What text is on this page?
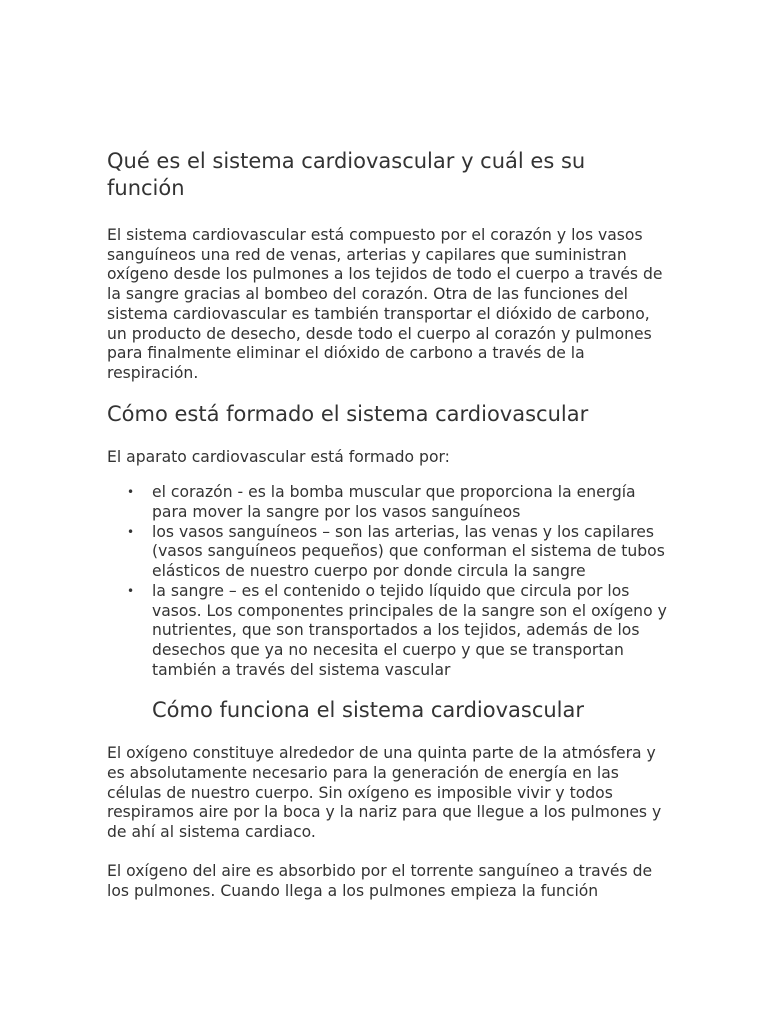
Qué es el sistema cardiovascular y cuál es su función

El sistema cardiovascular está compuesto por el corazón y los vasos sanguíneos una red de venas, arterias y capilares que suministran oxígeno desde los pulmones a los tejidos de todo el cuerpo a través de la sangre gracias al bombeo del corazón. Otra de las funciones del sistema cardiovascular es también transportar el dióxido de carbono, un producto de desecho, desde todo el cuerpo al corazón y pulmones para finalmente eliminar el dióxido de carbono a través de la respiración.

Cómo está formado el sistema cardiovascular

El aparato cardiovascular está formado por:

• el corazón - es la bomba muscular que proporciona la energía para mover la sangre por los vasos sanguíneos
• los vasos sanguíneos – son las arterias, las venas y los capilares (vasos sanguíneos pequeños) que conforman el sistema de tubos elásticos de nuestro cuerpo por donde circula la sangre
• la sangre – es el contenido o tejido líquido que circula por los vasos. Los componentes principales de la sangre son el oxígeno y nutrientes, que son transportados a los tejidos, además de los desechos que ya no necesita el cuerpo y que se transportan también a través del sistema vascular
Cómo funciona el sistema cardiovascular

El oxígeno constituye alrededor de una quinta parte de la atmósfera y es absolutamente necesario para la generación de energía en las células de nuestro cuerpo. Sin oxígeno es imposible vivir y todos respiramos aire por la boca y la nariz para que llegue a los pulmones y de ahí al sistema cardiaco.

El oxígeno del aire es absorbido por el torrente sanguíneo a través de los pulmones. Cuando llega a los pulmones empieza la función
